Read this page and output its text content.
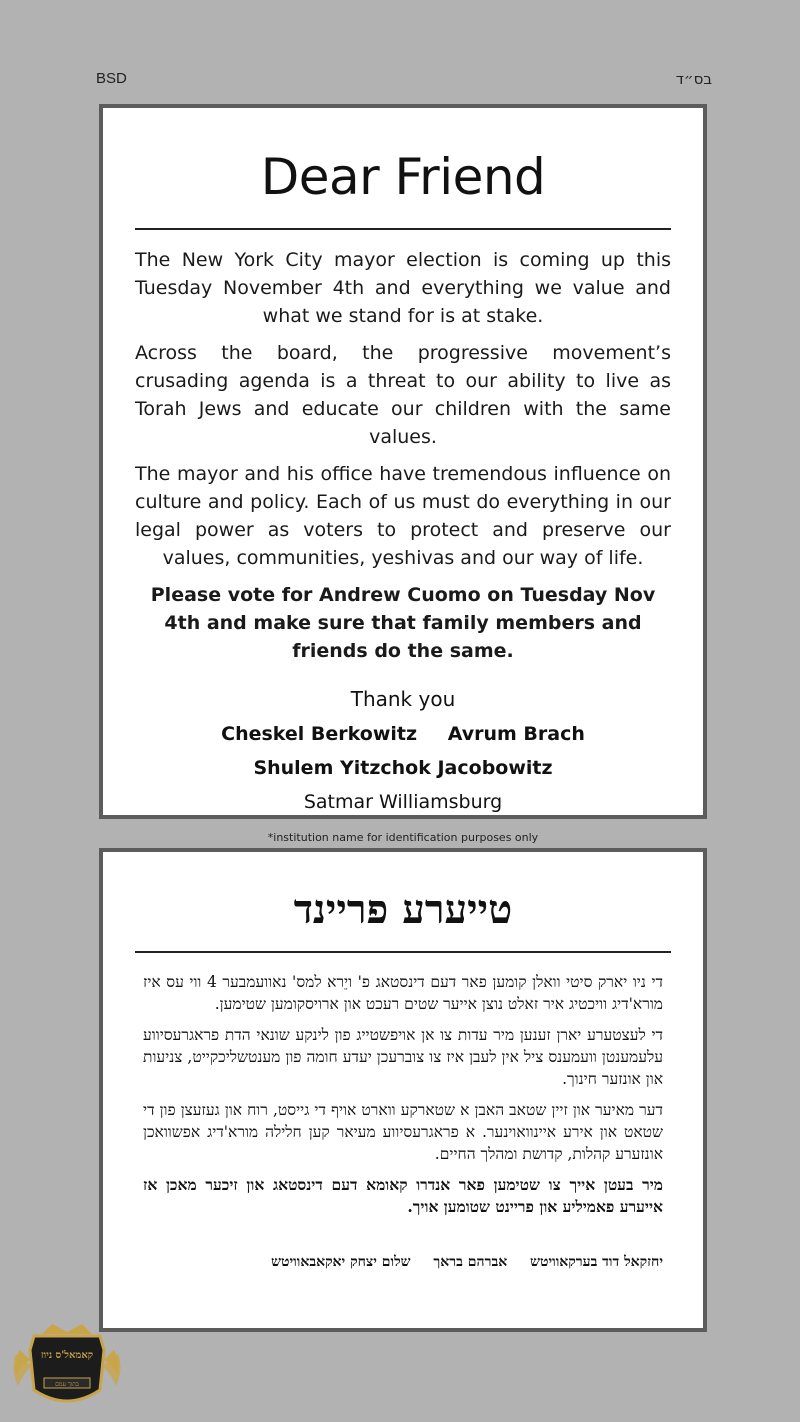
BSD	בס״ד
Dear Friend

The New York City mayor election is coming up this Tuesday November 4th and everything we value and what we stand for is at stake.

Across the board, the progressive movement’s crusading agenda is a threat to our ability to live as Torah Jews and educate our children with the same values.

The mayor and his office have tremendous influence on culture and policy. Each of us must do everything in our legal power as voters to protect and preserve our values, communities, yeshivas and our way of life.

Please vote for Andrew Cuomo on Tuesday Nov 4th and make sure that family members and friends do the same.

Thank you
Cheskel Berkowitz Avrum Brach
Shulem Yitzchok Jacobowitz
Satmar Williamsburg
*institution name for identification purposes only
טייערע פריינד

די ניו יארק סיטי וואלן קומען פאר דעם דינסטאג פ' ויֵרא למס' נאוועמבער 4 ווי עס איז מורא'דיג וויכטיג איר זאלט נוצן אייער שטים רעכט און ארויסקומען שטימען.

די לעצטערע יארן זענען מיר עדות צו אן אויפשטייג פון לינקע שונאי הדת פראגרעסיווע עלעמענטן וועמענס ציל אין לעבן איז צו צוברעכן יעדע חומה פון מענטשליכקייט, צניעות און אונזער חינוך.

דער מאיער און זיין שטאב האבן א שטארקע ווארט אויף די גייסט, רוח און געזעצן פון די שטאט און אירע איינוואוינער. א פראגרעסיווע מעיאר קען חלילה מורא'דיג אפשוואכן אונזערע קהלות, קדושת ומהלך החיים.

מיר בעטן אייך צו שטימען פאר אנדרו קאומא דעם דינסטאג און זיכער מאכן אז אייערע פאמיליע און פריינט שטומען אויך.

יחזקאל דוד בערקאוויטש אברהם בראך שלום יצחק יאקאבאוויטש
קאמאל'ס ניוז
בתוך עמם
